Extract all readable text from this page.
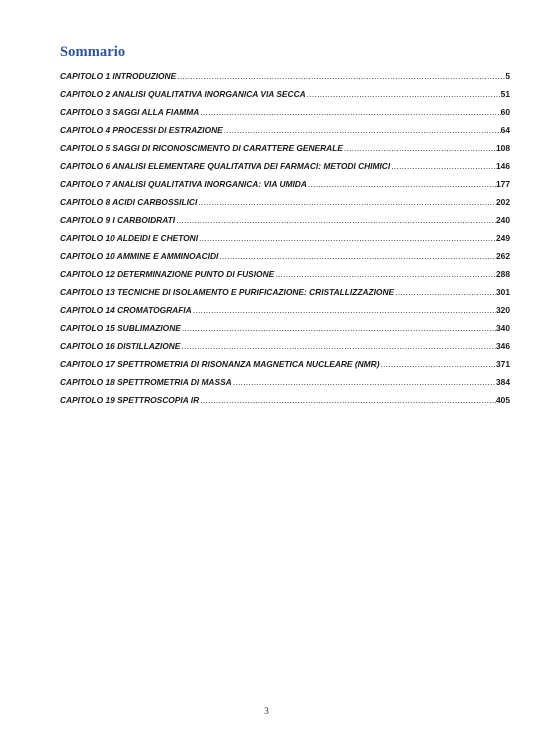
Sommario
CAPITOLO 1 INTRODUZIONE .....	5
CAPITOLO 2 ANALISI QUALITATIVA INORGANICA VIA SECCA .....	51
CAPITOLO 3 SAGGI ALLA FIAMMA .....	60
CAPITOLO 4 PROCESSI DI ESTRAZIONE .....	64
CAPITOLO 5 SAGGI DI RICONOSCIMENTO DI CARATTERE GENERALE .....	108
CAPITOLO 6 ANALISI ELEMENTARE QUALITATIVA DEI FARMACI: METODI CHIMICI .....	146
CAPITOLO 7 ANALISI QUALITATIVA INORGANICA: VIA UMIDA .....	177
CAPITOLO 8 ACIDI CARBOSSILICI .....	202
CAPITOLO 9 I CARBOIDRATI .....	240
CAPITOLO 10 ALDEIDI E CHETONI .....	249
CAPITOLO 10 AMMINE E AMMINOACIDI .....	262
CAPITOLO 12 DETERMINAZIONE PUNTO DI FUSIONE .....	288
CAPITOLO 13 TECNICHE DI ISOLAMENTO E PURIFICAZIONE: CRISTALLIZZAZIONE .....	301
CAPITOLO 14 CROMATOGRAFIA .....	320
CAPITOLO 15 SUBLIMAZIONE .....	340
CAPITOLO 16 DISTILLAZIONE .....	346
CAPITOLO 17 SPETTROMETRIA DI RISONANZA MAGNETICA NUCLEARE (NMR) .....	371
CAPITOLO 18 SPETTROMETRIA DI MASSA .....	384
CAPITOLO 19 SPETTROSCOPIA IR .....	405
3
